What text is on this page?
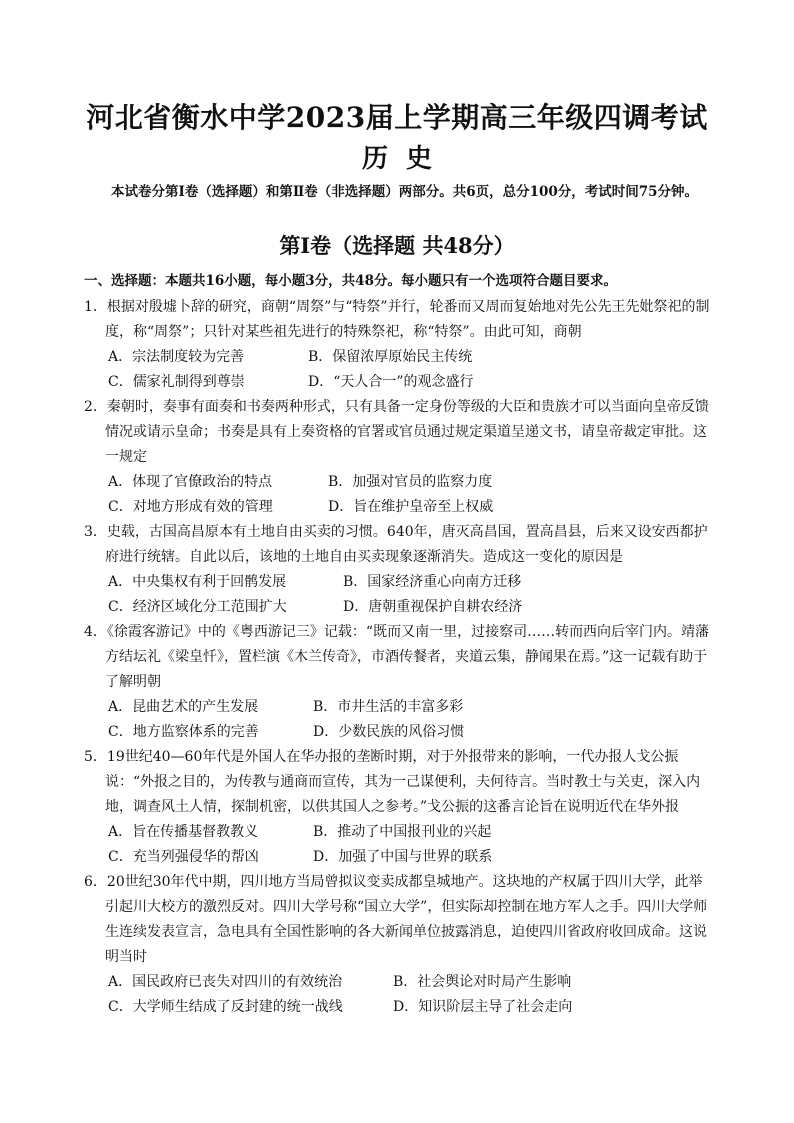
河北省衡水中学2023届上学期高三年级四调考试
历史
本试卷分第Ⅰ卷（选择题）和第Ⅱ卷（非选择题）两部分。共6页，总分100分，考试时间75分钟。
第Ⅰ卷（选择题 共48分）
一、选择题：本题共16小题，每小题3分，共48分。每小题只有一个选项符合题目要求。

1．根据对殷墟卜辞的研究，商朝“周祭”与“特祭”并行，轮番而又周而复始地对先公先王先妣祭祀的制度，称“周祭”；只针对某些祖先进行的特殊祭祀，称“特祭”。由此可知，商朝

A．宗法制度较为完善	B．保留浓厚原始民主传统
C．儒家礼制得到尊崇	D．“天人合一”的观念盛行

2．秦朝时，奏事有面奏和书奏两种形式，只有具备一定身份等级的大臣和贵族才可以当面向皇帝反馈情况或请示皇命；书奏是具有上奏资格的官署或官员通过规定渠道呈递文书，请皇帝裁定审批。这一规定

A．体现了官僚政治的特点	B．加强对官员的监察力度
C．对地方形成有效的管理	D．旨在维护皇帝至上权威

3．史载，古国高昌原本有土地自由买卖的习惯。640年，唐灭高昌国，置高昌县，后来又设安西都护府进行统辖。自此以后，该地的土地自由买卖现象逐渐消失。造成这一变化的原因是

A．中央集权有利于回鹘发展	B．国家经济重心向南方迁移
C．经济区域化分工范围扩大	D．唐朝重视保护自耕农经济

4．《徐霞客游记》中的《粤西游记三》记载：“既而又南一里，过接察司……转而西向后宰门内。靖藩方结坛礼《梁皇忏》，置栏演《木兰传奇》，市酒传餐者，夹道云集，静闻果在焉。”这一记载有助于了解明朝

A．昆曲艺术的产生发展	B．市井生活的丰富多彩
C．地方监察体系的完善	D．少数民族的风俗习惯

5．19世纪40—60年代是外国人在华办报的垄断时期，对于外报带来的影响，一代办报人戈公振说：“外报之目的，为传教与通商而宣传，其为一己谋便利，夫何待言。当时教士与关吏，深入内地，调查风土人情，探制机密，以供其国人之参考。”戈公振的这番言论旨在说明近代在华外报

A．旨在传播基督教教义	B．推动了中国报刊业的兴起
C．充当列强侵华的帮凶	D．加强了中国与世界的联系

6．20世纪30年代中期，四川地方当局曾拟议变卖成都皇城地产。这块地的产权属于四川大学，此举引起川大校方的激烈反对。四川大学号称“国立大学”，但实际却控制在地方军人之手。四川大学师生连续发表宣言，急电具有全国性影响的各大新闻单位披露消息，迫使四川省政府收回成命。这说明当时

A．国民政府已丧失对四川的有效统治	B．社会舆论对时局产生影响
C．大学师生结成了反封建的统一战线	D．知识阶层主导了社会走向
